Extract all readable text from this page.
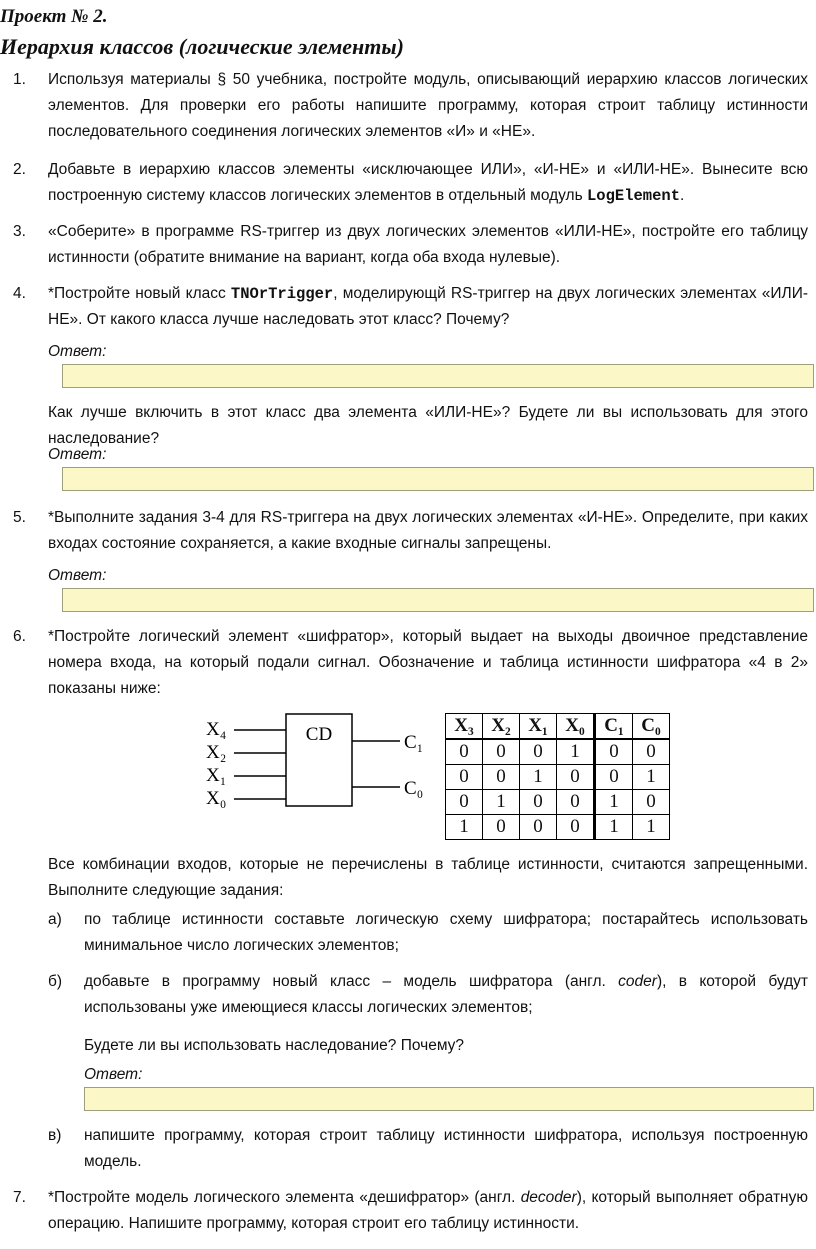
Проект № 2.
Иерархия классов (логические элементы)
1. Используя материалы § 50 учебника, постройте модуль, описывающий иерархию классов логических элементов. Для проверки его работы напишите программу, которая строит таблицу истинности последовательного соединения логических элементов «И» и «НЕ».
2. Добавьте в иерархию классов элементы «исключающее ИЛИ», «И-НЕ» и «ИЛИ-НЕ». Вынесите всю построенную систему классов логических элементов в отдельный модуль LogElement.
3. «Соберите» в программе RS-триггер из двух логических элементов «ИЛИ-НЕ», постройте его таблицу истинности (обратите внимание на вариант, когда оба входа нулевые).
4. *Постройте новый класс TNOrTrigger, моделирующй RS-триггер на двух логических элементах «ИЛИ-НЕ». От какого класса лучше наследовать этот класс? Почему?
Ответ:
Как лучше включить в этот класс два элемента «ИЛИ-НЕ»? Будете ли вы использовать для этого наследование?
Ответ:
5. *Выполните задания 3-4 для RS-триггера на двух логических элементах «И-НЕ». Определите, при каких входах состояние сохраняется, а какие входные сигналы запрещены.
Ответ:
6. *Постройте логический элемент «шифратор», который выдает на выходы двоичное представление номера входа, на который подали сигнал. Обозначение и таблица истинности шифратора «4 в 2» показаны ниже:
CD
X₄
X₂
X₁
X₀
C₁
C₀
X₃	X₂	X₁	X₀	C₁	C₀
0	0	0	1	0	0
0	0	1	0	0	1
0	1	0	0	1	0
1	0	0	0	1	1
Все комбинации входов, которые не перечислены в таблице истинности, считаются запрещенными. Выполните следующие задания:
а) по таблице истинности составьте логическую схему шифратора; постарайтесь использовать минимальное число логических элементов;
б) добавьте в программу новый класс – модель шифратора (англ. coder), в которой будут использованы уже имеющиеся классы логических элементов;
Будете ли вы использовать наследование? Почему?
Ответ:
в) напишите программу, которая строит таблицу истинности шифратора, используя построенную модель.
7. *Постройте модель логического элемента «дешифратор» (англ. decoder), который выполняет обратную операцию. Напишите программу, которая строит его таблицу истинности.
